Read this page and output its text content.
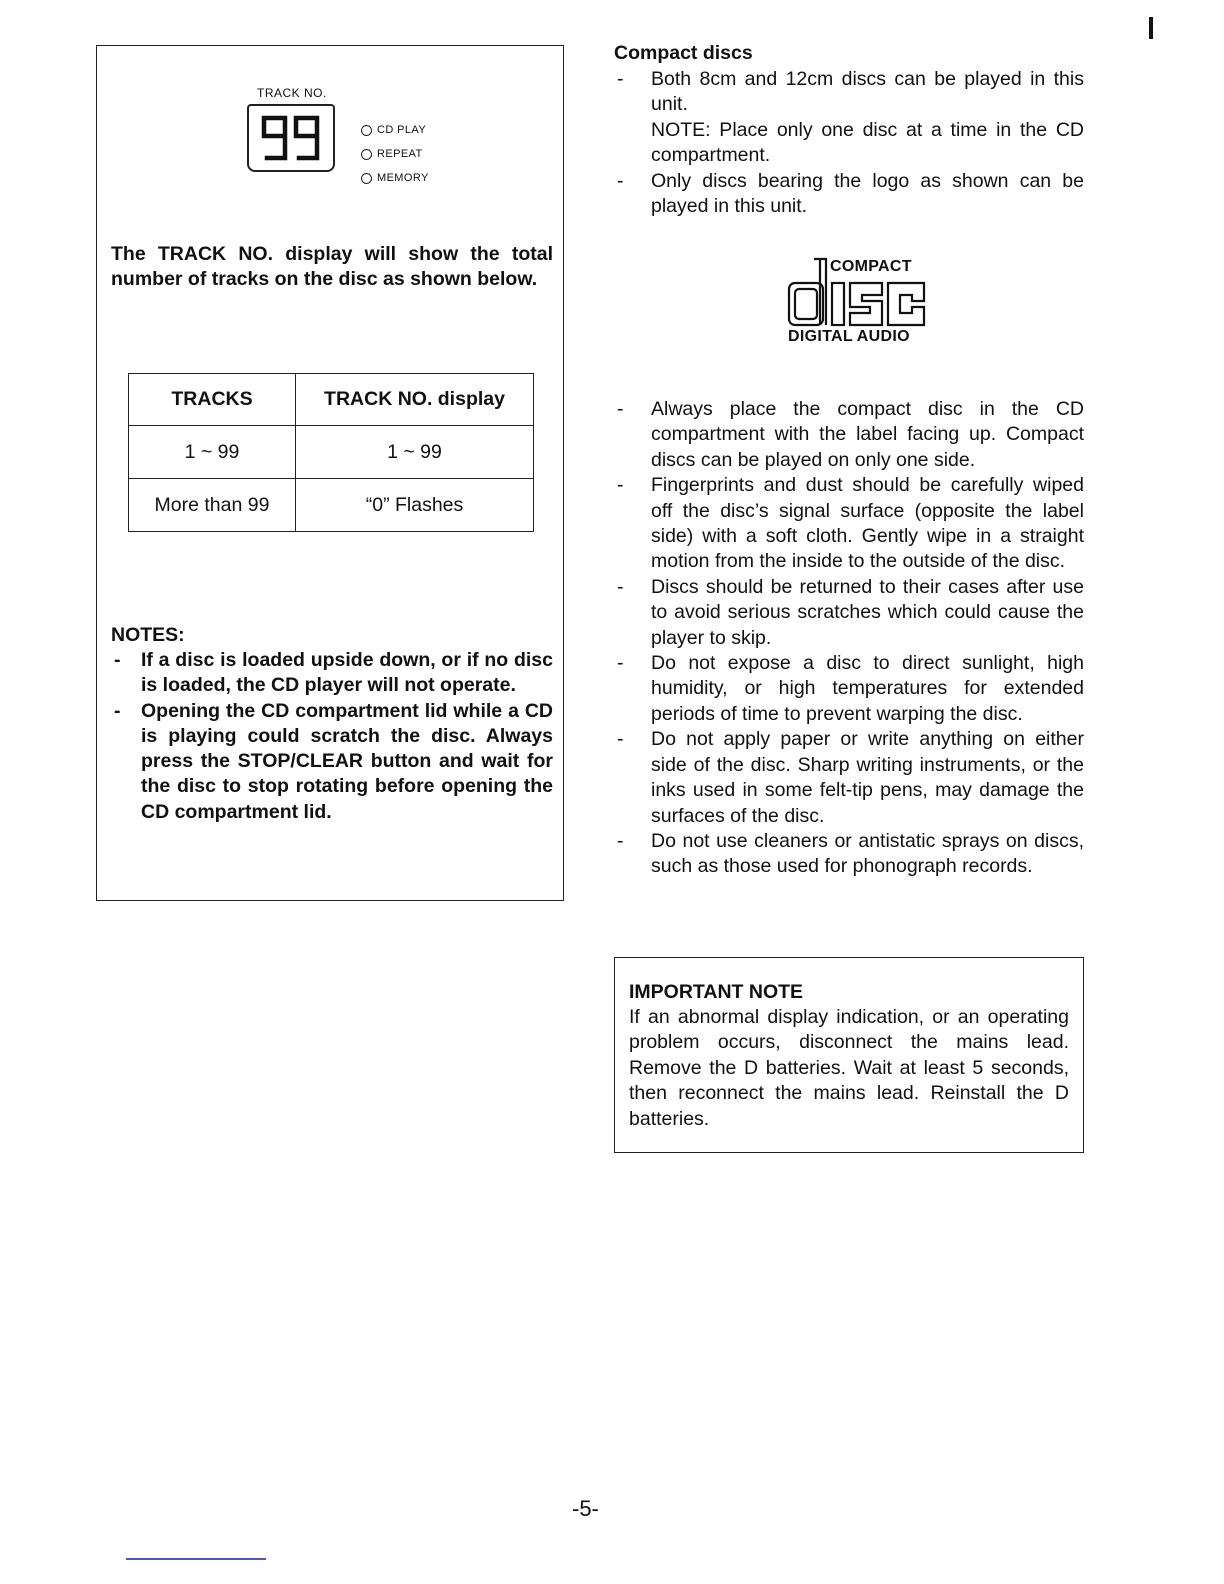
TRACK NO.
CD PLAY
REPEAT
MEMORY
The TRACK NO. display will show the total number of tracks on the disc as shown below.
TRACKS	TRACK NO. display
1 ~ 99	1 ~ 99
More than 99	“0” Flashes
NOTES:
- If a disc is loaded upside down, or if no disc is loaded, the CD player will not operate.
- Opening the CD compartment lid while a CD is playing could scratch the disc. Always press the STOP/CLEAR button and wait for the disc to stop rotating before opening the CD compartment lid.
Compact discs
- Both 8cm and 12cm discs can be played in this unit.
NOTE: Place only one disc at a time in the CD compartment.
- Only discs bearing the logo as shown can be played in this unit.
COMPACT
DIGITAL AUDIO
- Always place the compact disc in the CD compartment with the label facing up. Compact discs can be played on only one side.
- Fingerprints and dust should be carefully wiped off the disc’s signal surface (opposite the label side) with a soft cloth. Gently wipe in a straight motion from the inside to the outside of the disc.
- Discs should be returned to their cases after use to avoid serious scratches which could cause the player to skip.
- Do not expose a disc to direct sunlight, high humidity, or high temperatures for extended periods of time to prevent warping the disc.
- Do not apply paper or write anything on either side of the disc. Sharp writing instruments, or the inks used in some felt-tip pens, may damage the surfaces of the disc.
- Do not use cleaners or antistatic sprays on discs, such as those used for phonograph records.
IMPORTANT NOTE
If an abnormal display indication, or an operating problem occurs, disconnect the mains lead. Remove the D batteries. Wait at least 5 seconds, then reconnect the mains lead. Reinstall the D batteries.
-5-
